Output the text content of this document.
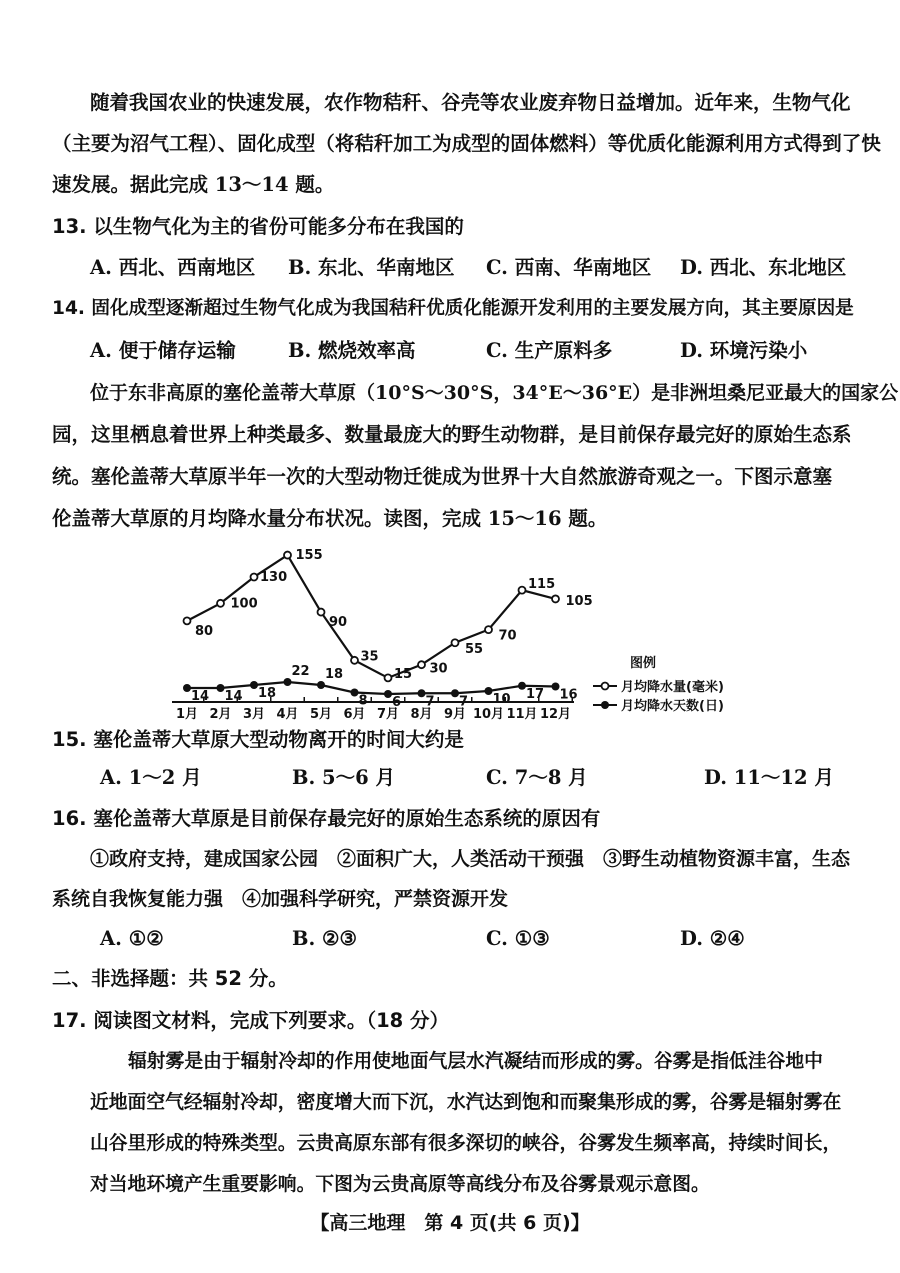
随着我国农业的快速发展，农作物秸秆、谷壳等农业废弃物日益增加。近年来，生物气化
（主要为沼气工程）、固化成型（将秸秆加工为成型的固体燃料）等优质化能源利用方式得到了快
速发展。据此完成 13～14 题。
13. 以生物气化为主的省份可能多分布在我国的
A. 西北、西南地区 B. 东北、华南地区 C. 西南、华南地区 D. 西北、东北地区
14. 固化成型逐渐超过生物气化成为我国秸秆优质化能源开发利用的主要发展方向，其主要原因是
A. 便于储存运输	B. 燃烧效率高	C. 生产原料多	D. 环境污染小
位于东非高原的塞伦盖蒂大草原（10°S～30°S，34°E～36°E）是非洲坦桑尼亚最大的国家公
园，这里栖息着世界上种类最多、数量最庞大的野生动物群，是目前保存最完好的原始生态系
统。塞伦盖蒂大草原半年一次的大型动物迁徙成为世界十大自然旅游奇观之一。下图示意塞
伦盖蒂大草原的月均降水量分布状况。读图，完成 15～16 题。
1月 2月 3月 4月 5月 6月 7月 8月 9月 10月 11月 12月
80
100
130
155
90
35
15 30
55
70
115
105
14 14 18
22 18
8 6 7 7 10 17 16
图例
月均降水量(毫米)
月均降水天数(日)
15. 塞伦盖蒂大草原大型动物离开的时间大约是
A. 1～2 月	B. 5～6 月	C. 7～8 月	D. 11～12 月
16. 塞伦盖蒂大草原是目前保存最完好的原始生态系统的原因有
①政府支持，建成国家公园　②面积广大，人类活动干预强　③野生动植物资源丰富，生态
系统自我恢复能力强　④加强科学研究，严禁资源开发
A. ①②	B. ②③	C. ①③	D. ②④
二、非选择题：共 52 分。
17. 阅读图文材料，完成下列要求。（18 分）
辐射雾是由于辐射冷却的作用使地面气层水汽凝结而形成的雾。谷雾是指低洼谷地中
近地面空气经辐射冷却，密度增大而下沉，水汽达到饱和而聚集形成的雾，谷雾是辐射雾在
山谷里形成的特殊类型。云贵高原东部有很多深切的峡谷，谷雾发生频率高，持续时间长，
对当地环境产生重要影响。下图为云贵高原等高线分布及谷雾景观示意图。
【高三地理　第 4 页(共 6 页)】
